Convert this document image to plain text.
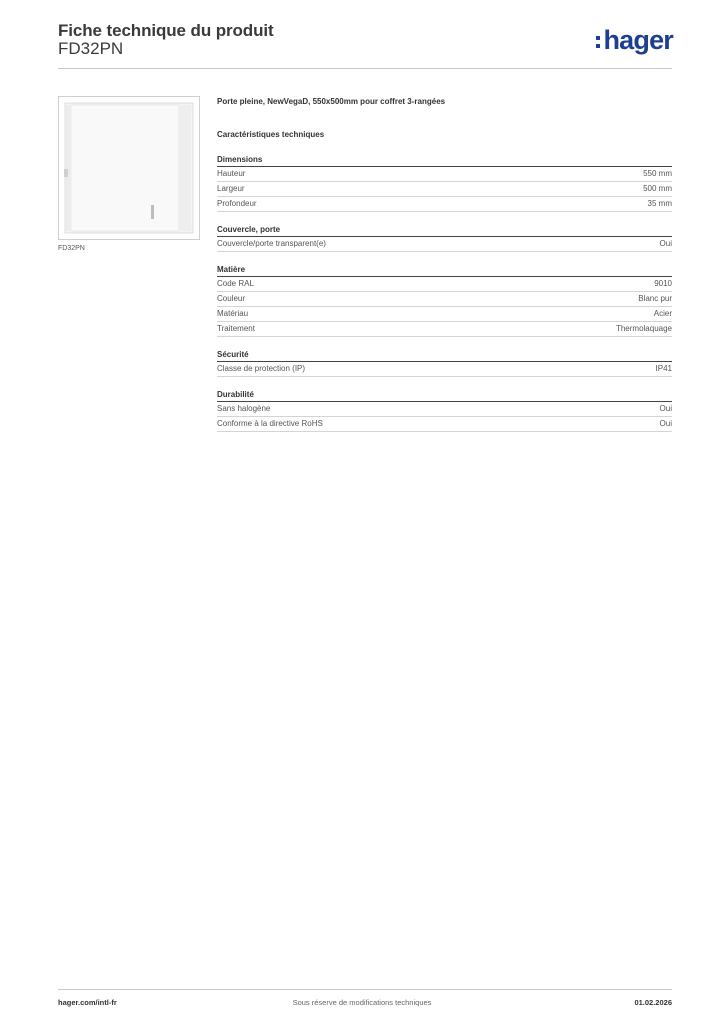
Fiche technique du produit
FD32PN	hager
FD32PN
Porte pleine, NewVegaD, 550x500mm pour coffret 3-rangées
Caractéristiques techniques
Dimensions
Hauteur	550 mm
Largeur	500 mm
Profondeur	35 mm
Couvercle, porte
Couvercle/porte transparent(e)	Oui
Matière
Code RAL	9010
Couleur	Blanc pur
Matériau	Acier
Traitement	Thermolaquage
Sécurité
Classe de protection (IP)	IP41
Durabilité
Sans halogène	Oui
Conforme à la directive RoHS	Oui
hager.com/intl-fr	Sous réserve de modifications techniques	01.02.2026
